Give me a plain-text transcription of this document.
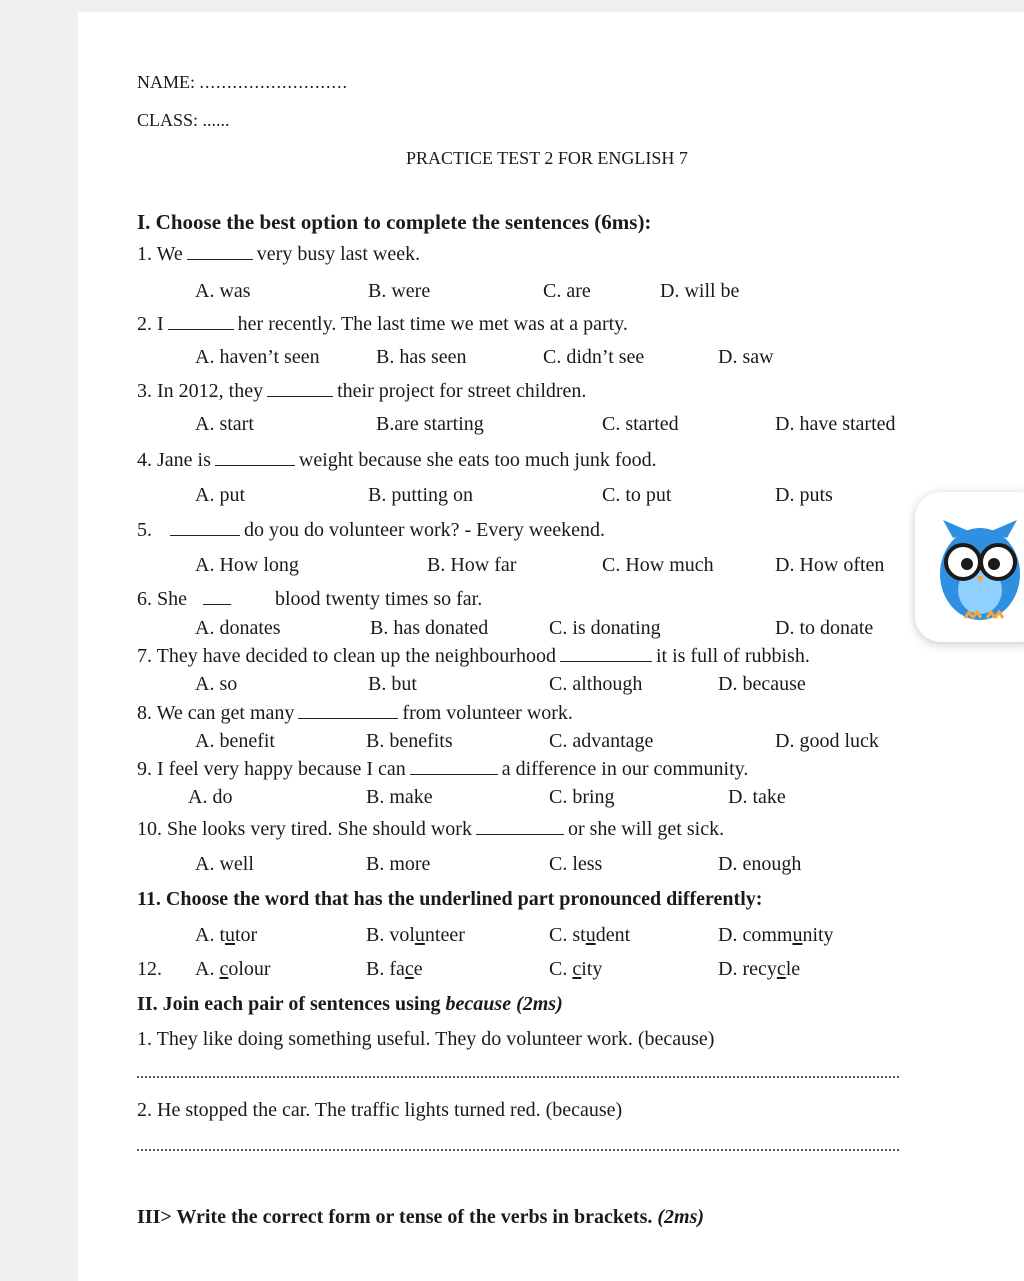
NAME: ...........................
CLASS: ......
PRACTICE TEST 2 FOR ENGLISH 7
I. Choose the best option to complete the sentences (6ms):
1. We	very busy last week.
A. was	B. were	C. are	D. will be
2. I	her recently. The last time we met was at a party.
A. haven’t seen	B. has seen	C. didn’t see	D. saw
3. In 2012, they	their project for street children.
A. start	B.are starting	C. started	D. have started
4. Jane is	weight because she eats too much junk food.
A. put	B. putting on	C. to put	D. puts
5.	do you do volunteer work? - Every weekend.
A. How long	B. How far	C. How much	D. How often
6. She	blood twenty times so far.
A. donates	B. has donated	C. is donating	D. to donate
7. They have decided to clean up the neighbourhood	it is full of rubbish.
A. so	B. but	C. although	D. because
8. We can get many	from volunteer work.
A. benefit	B. benefits	C. advantage	D. good luck
9. I feel very happy because I can	a difference in our community.
A. do	B. make	C. bring	D. take
10. She looks very tired. She should work	or she will get sick.
A. well	B. more	C. less	D. enough
11. Choose the word that has the underlined part pronounced differently:
A. tutor	B. volunteer	C. student	D. community
12. A. colour	B. face	C. city	D. recycle
II. Join each pair of sentences using because (2ms)
1. They like doing something useful. They do volunteer work. (because)
2. He stopped the car. The traffic lights turned red. (because)
III> Write the correct form or tense of the verbs in brackets. (2ms)
